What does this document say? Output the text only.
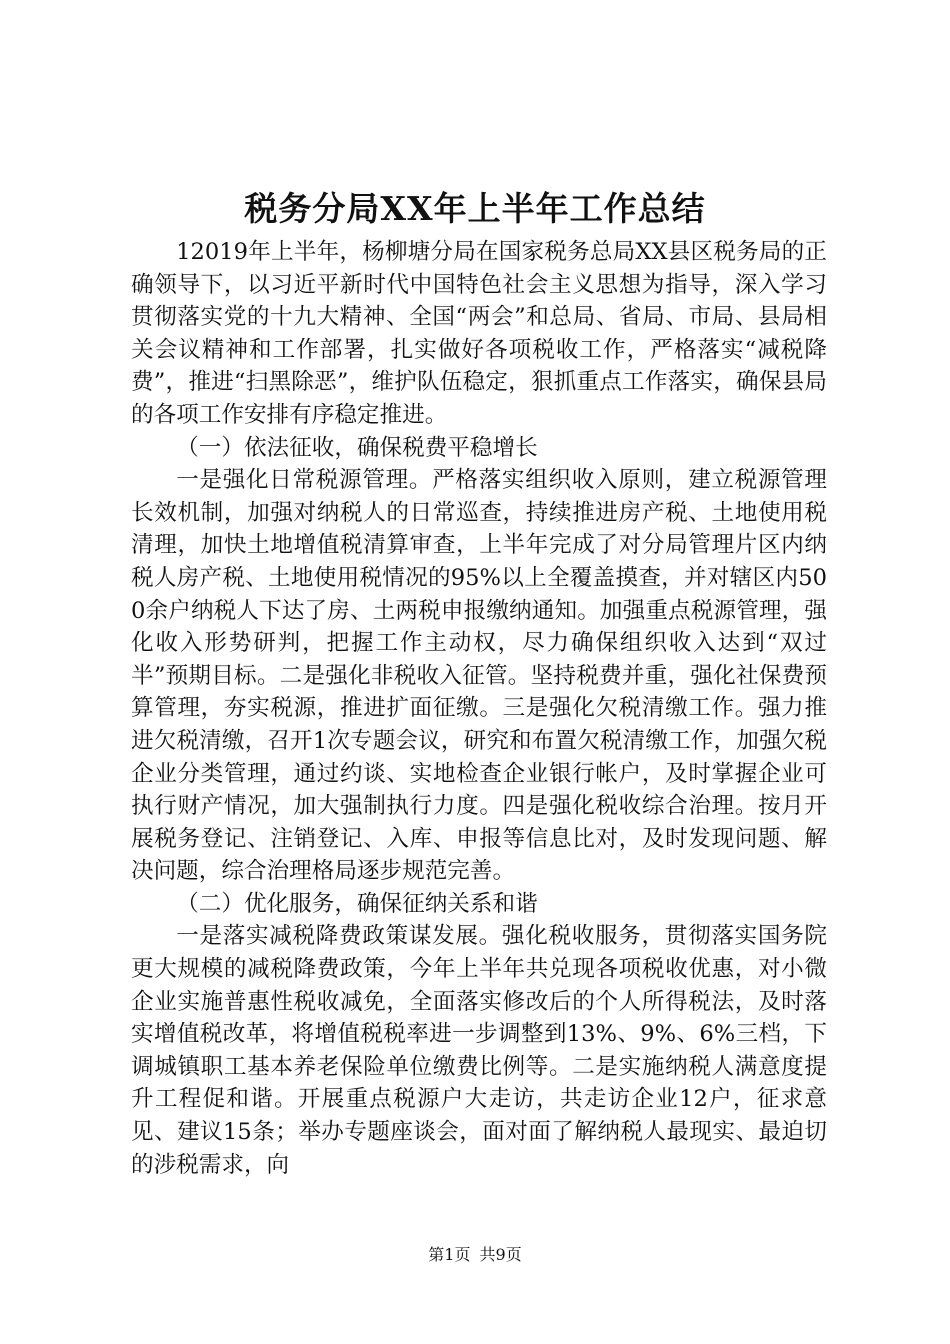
税务分局XX年上半年工作总结

12019年上半年，杨柳塘分局在国家税务总局XX县区税务局的正确领导下，以习近平新时代中国特色社会主义思想为指导，深入学习贯彻落实党的十九大精神、全国“两会”和总局、省局、市局、县局相关会议精神和工作部署，扎实做好各项税收工作，严格落实“减税降费”，推进“扫黑除恶”，维护队伍稳定，狠抓重点工作落实，确保县局的各项工作安排有序稳定推进。

（一）依法征收，确保税费平稳增长

一是强化日常税源管理。严格落实组织收入原则，建立税源管理长效机制，加强对纳税人的日常巡查，持续推进房产税、土地使用税清理，加快土地增值税清算审查，上半年完成了对分局管理片区内纳税人房产税、土地使用税情况的95%以上全覆盖摸查，并对辖区内500余户纳税人下达了房、土两税申报缴纳通知。加强重点税源管理，强化收入形势研判，把握工作主动权，尽力确保组织收入达到“双过半”预期目标。二是强化非税收入征管。坚持税费并重，强化社保费预算管理，夯实税源，推进扩面征缴。三是强化欠税清缴工作。强力推进欠税清缴，召开1次专题会议，研究和布置欠税清缴工作，加强欠税企业分类管理，通过约谈、实地检查企业银行帐户，及时掌握企业可执行财产情况，加大强制执行力度。四是强化税收综合治理。按月开展税务登记、注销登记、入库、申报等信息比对，及时发现问题、解决问题，综合治理格局逐步规范完善。

（二）优化服务，确保征纳关系和谐

一是落实减税降费政策谋发展。强化税收服务，贯彻落实国务院更大规模的减税降费政策，今年上半年共兑现各项税收优惠，对小微企业实施普惠性税收减免，全面落实修改后的个人所得税法，及时落实增值税改革，将增值税税率进一步调整到13%、9%、6%三档，下调城镇职工基本养老保险单位缴费比例等。二是实施纳税人满意度提升工程促和谐。开展重点税源户大走访，共走访企业12户，征求意见、建议15条；举办专题座谈会，面对面了解纳税人最现实、最迫切的涉税需求，向

第1页 共9页
